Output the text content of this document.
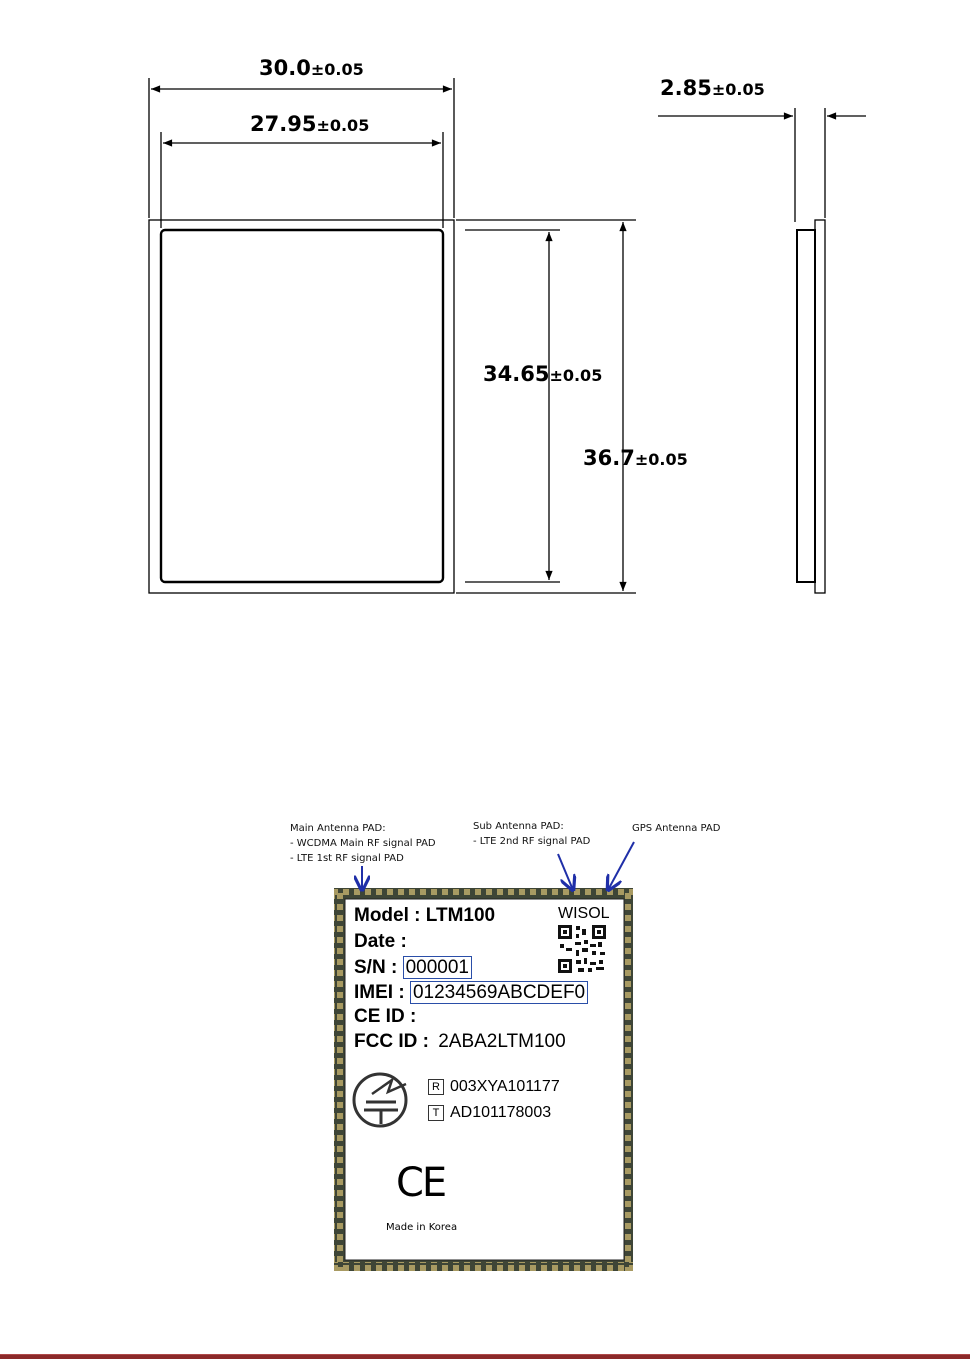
30.0±0.05
27.95±0.05
2.85±0.05
34.65±0.05
36.7±0.05
Main Antenna PAD:
- WCDMA Main RF signal PAD
- LTE 1st RF signal PAD
Sub Antenna PAD:
- LTE 2nd RF signal PAD
GPS Antenna PAD
Model : LTM100	WISOL
Date :
S/N : 000001
IMEI : 01234569ABCDEF0
CE ID :
FCC ID : 2ABA2LTM100
R 003XYA101177
T AD101178003
CE
Made in Korea
